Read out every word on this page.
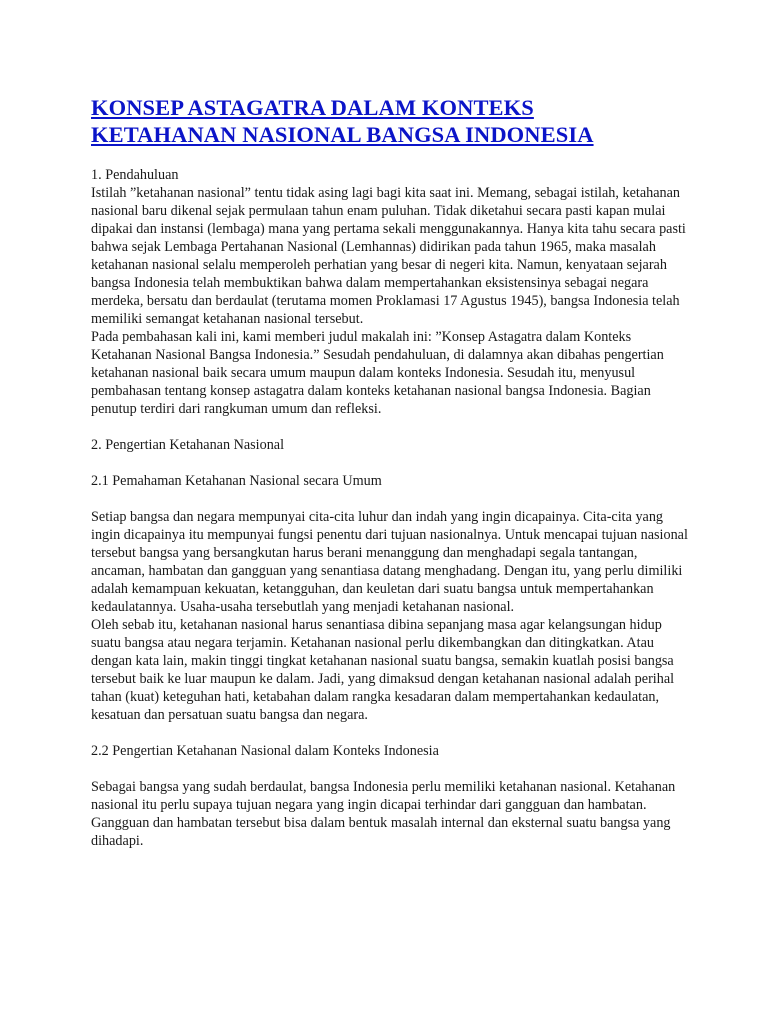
KONSEP ASTAGATRA DALAM KONTEKS
KETAHANAN NASIONAL BANGSA INDONESIA

1. Pendahuluan

Istilah ”ketahanan nasional” tentu tidak asing lagi bagi kita saat ini. Memang, sebagai istilah, ketahanan nasional baru dikenal sejak permulaan tahun enam puluhan. Tidak diketahui secara pasti kapan mulai dipakai dan instansi (lembaga) mana yang pertama sekali menggunakannya. Hanya kita tahu secara pasti bahwa sejak Lembaga Pertahanan Nasional (Lemhannas) didirikan pada tahun 1965, maka masalah ketahanan nasional selalu memperoleh perhatian yang besar di negeri kita. Namun, kenyataan sejarah bangsa Indonesia telah membuktikan bahwa dalam mempertahankan eksistensinya sebagai negara merdeka, bersatu dan berdaulat (terutama momen Proklamasi 17 Agustus 1945), bangsa Indonesia telah memiliki semangat ketahanan nasional tersebut.

Pada pembahasan kali ini, kami memberi judul makalah ini: ”Konsep Astagatra dalam Konteks Ketahanan Nasional Bangsa Indonesia.” Sesudah pendahuluan, di dalamnya akan dibahas pengertian ketahanan nasional baik secara umum maupun dalam konteks Indonesia. Sesudah itu, menyusul pembahasan tentang konsep astagatra dalam konteks ketahanan nasional bangsa Indonesia. Bagian penutup terdiri dari rangkuman umum dan refleksi.

2. Pengertian Ketahanan Nasional

2.1 Pemahaman Ketahanan Nasional secara Umum

Setiap bangsa dan negara mempunyai cita-cita luhur dan indah yang ingin dicapainya. Cita-cita yang ingin dicapainya itu mempunyai fungsi penentu dari tujuan nasionalnya. Untuk mencapai tujuan nasional tersebut bangsa yang bersangkutan harus berani menanggung dan menghadapi segala tantangan, ancaman, hambatan dan gangguan yang senantiasa datang menghadang. Dengan itu, yang perlu dimiliki adalah kemampuan kekuatan, ketangguhan, dan keuletan dari suatu bangsa untuk mempertahankan kedaulatannya. Usaha-usaha tersebutlah yang menjadi ketahanan nasional.

Oleh sebab itu, ketahanan nasional harus senantiasa dibina sepanjang masa agar kelangsungan hidup suatu bangsa atau negara terjamin. Ketahanan nasional perlu dikembangkan dan ditingkatkan. Atau dengan kata lain, makin tinggi tingkat ketahanan nasional suatu bangsa, semakin kuatlah posisi bangsa tersebut baik ke luar maupun ke dalam. Jadi, yang dimaksud dengan ketahanan nasional adalah perihal tahan (kuat) keteguhan hati, ketabahan dalam rangka kesadaran dalam mempertahankan kedaulatan, kesatuan dan persatuan suatu bangsa dan negara.

2.2 Pengertian Ketahanan Nasional dalam Konteks Indonesia

Sebagai bangsa yang sudah berdaulat, bangsa Indonesia perlu memiliki ketahanan nasional. Ketahanan nasional itu perlu supaya tujuan negara yang ingin dicapai terhindar dari gangguan dan hambatan. Gangguan dan hambatan tersebut bisa dalam bentuk masalah internal dan eksternal suatu bangsa yang dihadapi.
